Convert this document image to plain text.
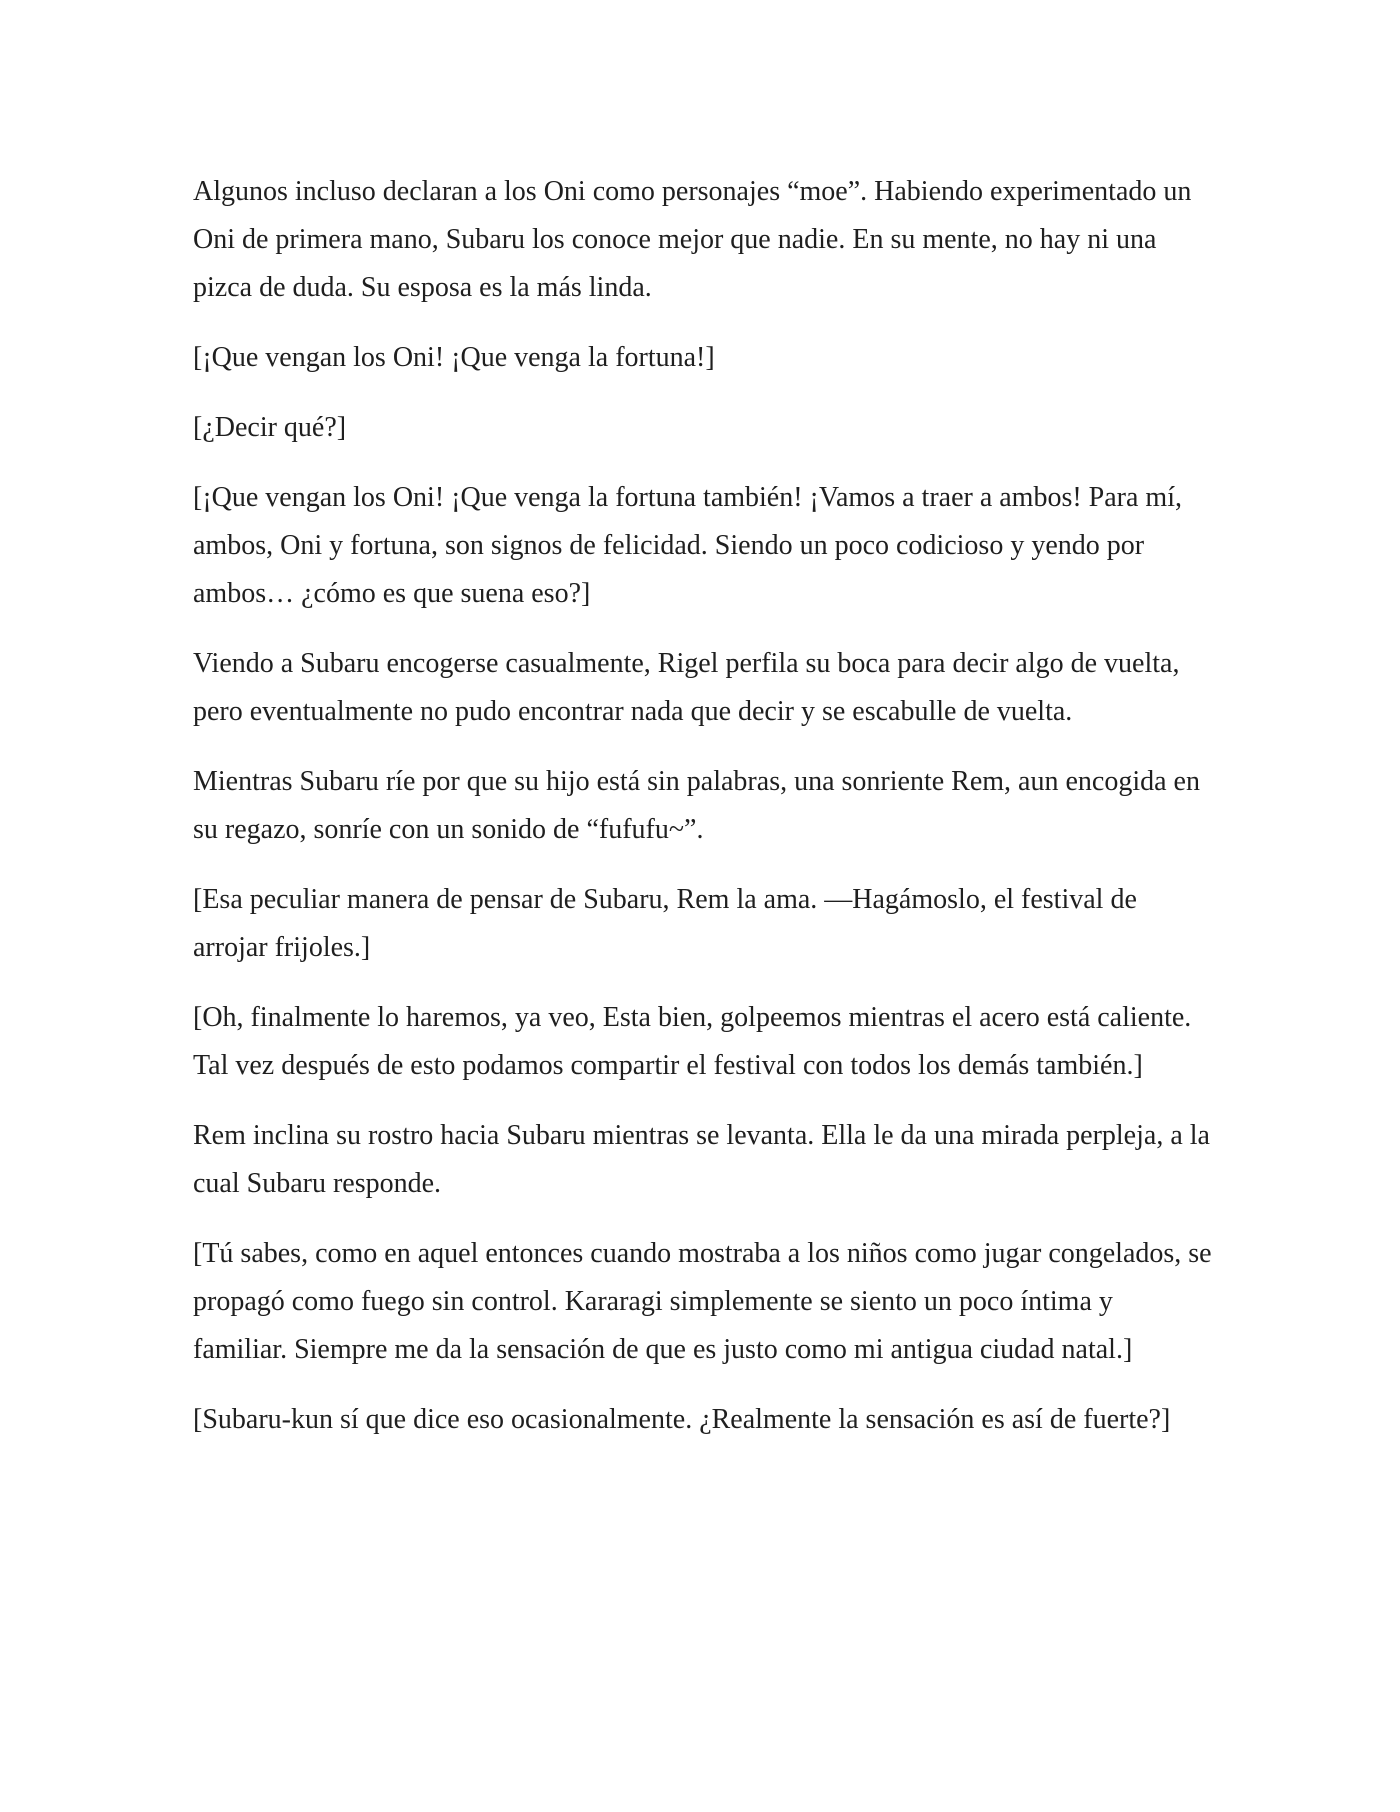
Algunos incluso declaran a los Oni como personajes “moe”. Habiendo experimentado un Oni de primera mano, Subaru los conoce mejor que nadie. En su mente, no hay ni una pizca de duda. Su esposa es la más linda.

[¡Que vengan los Oni! ¡Que venga la fortuna!]

[¿Decir qué?]

[¡Que vengan los Oni! ¡Que venga la fortuna también! ¡Vamos a traer a ambos! Para mí, ambos, Oni y fortuna, son signos de felicidad. Siendo un poco codicioso y yendo por ambos… ¿cómo es que suena eso?]

Viendo a Subaru encogerse casualmente, Rigel perfila su boca para decir algo de vuelta, pero eventualmente no pudo encontrar nada que decir y se escabulle de vuelta.

Mientras Subaru ríe por que su hijo está sin palabras, una sonriente Rem, aun encogida en su regazo, sonríe con un sonido de “fufufu~”.

[Esa peculiar manera de pensar de Subaru, Rem la ama. —Hagámoslo, el festival de arrojar frijoles.]

[Oh, finalmente lo haremos, ya veo, Esta bien, golpeemos mientras el acero está caliente. Tal vez después de esto podamos compartir el festival con todos los demás también.]

Rem inclina su rostro hacia Subaru mientras se levanta. Ella le da una mirada perpleja, a la cual Subaru responde.

[Tú sabes, como en aquel entonces cuando mostraba a los niños como jugar congelados, se propagó como fuego sin control. Kararagi simplemente se siento un poco íntima y familiar. Siempre me da la sensación de que es justo como mi antigua ciudad natal.]

[Subaru-kun sí que dice eso ocasionalmente. ¿Realmente la sensación es así de fuerte?]
